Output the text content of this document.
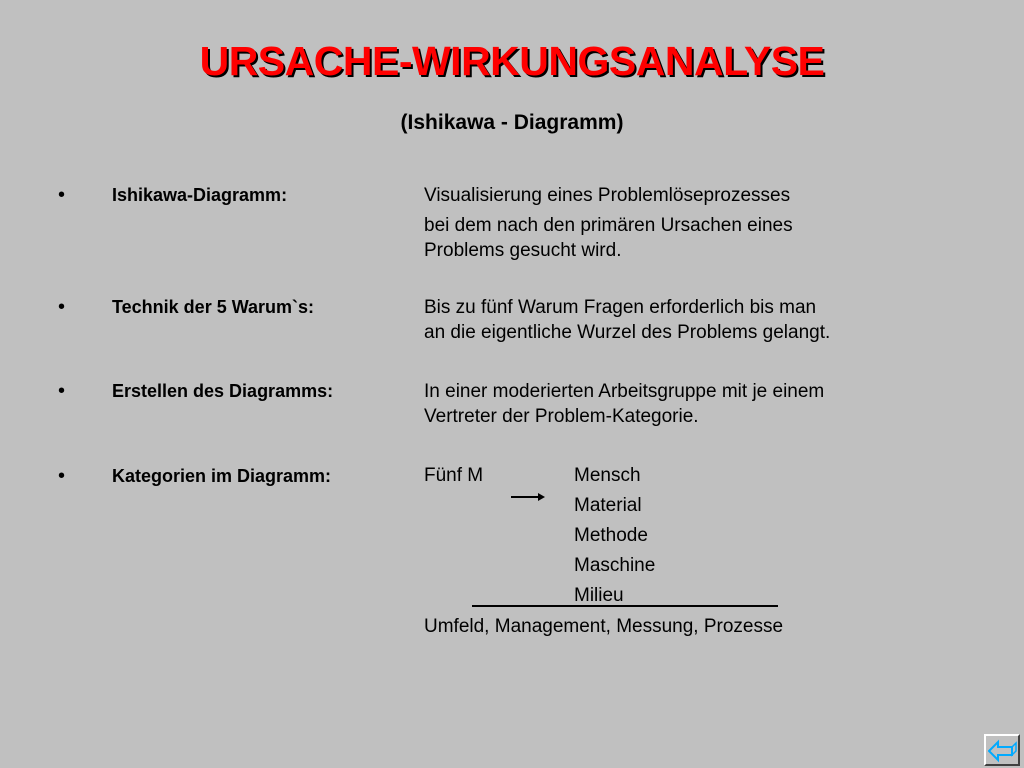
URSACHE-WIRKUNGSANALYSE
(Ishikawa - Diagramm)
•	Ishikawa-Diagramm:	Visualisierung eines Problemlöseprozesses
bei dem nach den primären Ursachen eines
Problems gesucht wird.
•	Technik der 5 Warum`s:	Bis zu fünf Warum Fragen erforderlich bis man
an die eigentliche Wurzel des Problems gelangt.
•	Erstellen des Diagramms:	In einer moderierten Arbeitsgruppe mit je einem
Vertreter der Problem-Kategorie.
•	Kategorien im Diagramm:	Fünf M	Mensch
Material
Methode
Maschine
Milieu
Umfeld, Management, Messung, Prozesse
